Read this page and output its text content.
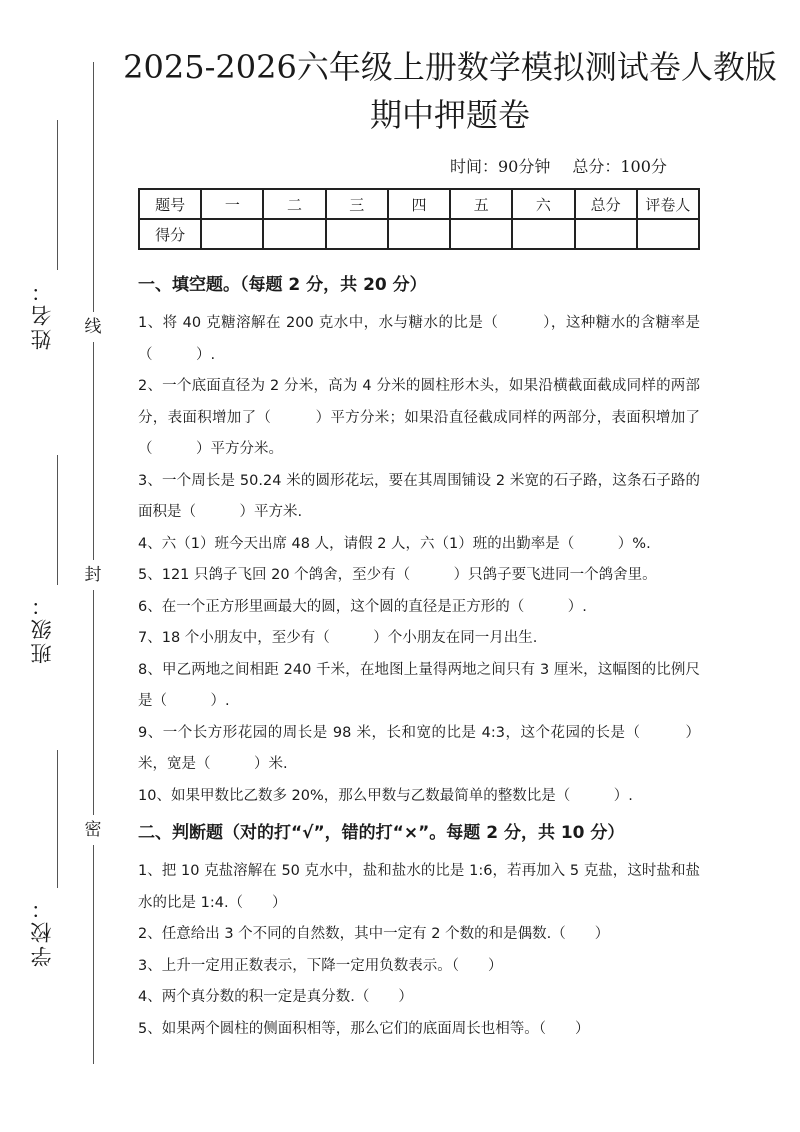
线
封
密
姓名：
班级：
学校：
2025-2026六年级上册数学模拟测试卷人教版
期中押题卷
时间：90分钟 总分：100分
题号	一	二	三	四	五	六	总分	评卷人
得分								
一、填空题。（每题 2 分，共 20 分）

1、将 40 克糖溶解在 200 克水中，水与糖水的比是（　　　），这种糖水的含糖率是（　　　）.

2、一个底面直径为 2 分米，高为 4 分米的圆柱形木头，如果沿横截面截成同样的两部分，表面积增加了（　　　）平方分米；如果沿直径截成同样的两部分，表面积增加了（　　　）平方分米。

3、一个周长是 50.24 米的圆形花坛，要在其周围铺设 2 米宽的石子路，这条石子路的面积是（　　　）平方米.

4、六（1）班今天出席 48 人，请假 2 人，六（1）班的出勤率是（　　　）%.

5、121 只鸽子飞回 20 个鸽舍，至少有（　　　）只鸽子要飞进同一个鸽舍里。

6、在一个正方形里画最大的圆，这个圆的直径是正方形的（　　　）.

7、18 个小朋友中，至少有（　　　）个小朋友在同一月出生.

8、甲乙两地之间相距 240 千米，在地图上量得两地之间只有 3 厘米，这幅图的比例尺是（　　　）.

9、一个长方形花园的周长是 98 米，长和宽的比是 4:3，这个花园的长是（　　　）米，宽是（　　　）米.

10、如果甲数比乙数多 20%，那么甲数与乙数最简单的整数比是（　　　）.

二、判断题（对的打“√”，错的打“×”。每题 2 分，共 10 分）

1、把 10 克盐溶解在 50 克水中，盐和盐水的比是 1:6，若再加入 5 克盐，这时盐和盐水的比是 1:4.（　　）

2、任意给出 3 个不同的自然数，其中一定有 2 个数的和是偶数.（　　）

3、上升一定用正数表示，下降一定用负数表示。（　　）

4、两个真分数的积一定是真分数.（　　）

5、如果两个圆柱的侧面积相等，那么它们的底面周长也相等。（　　）
